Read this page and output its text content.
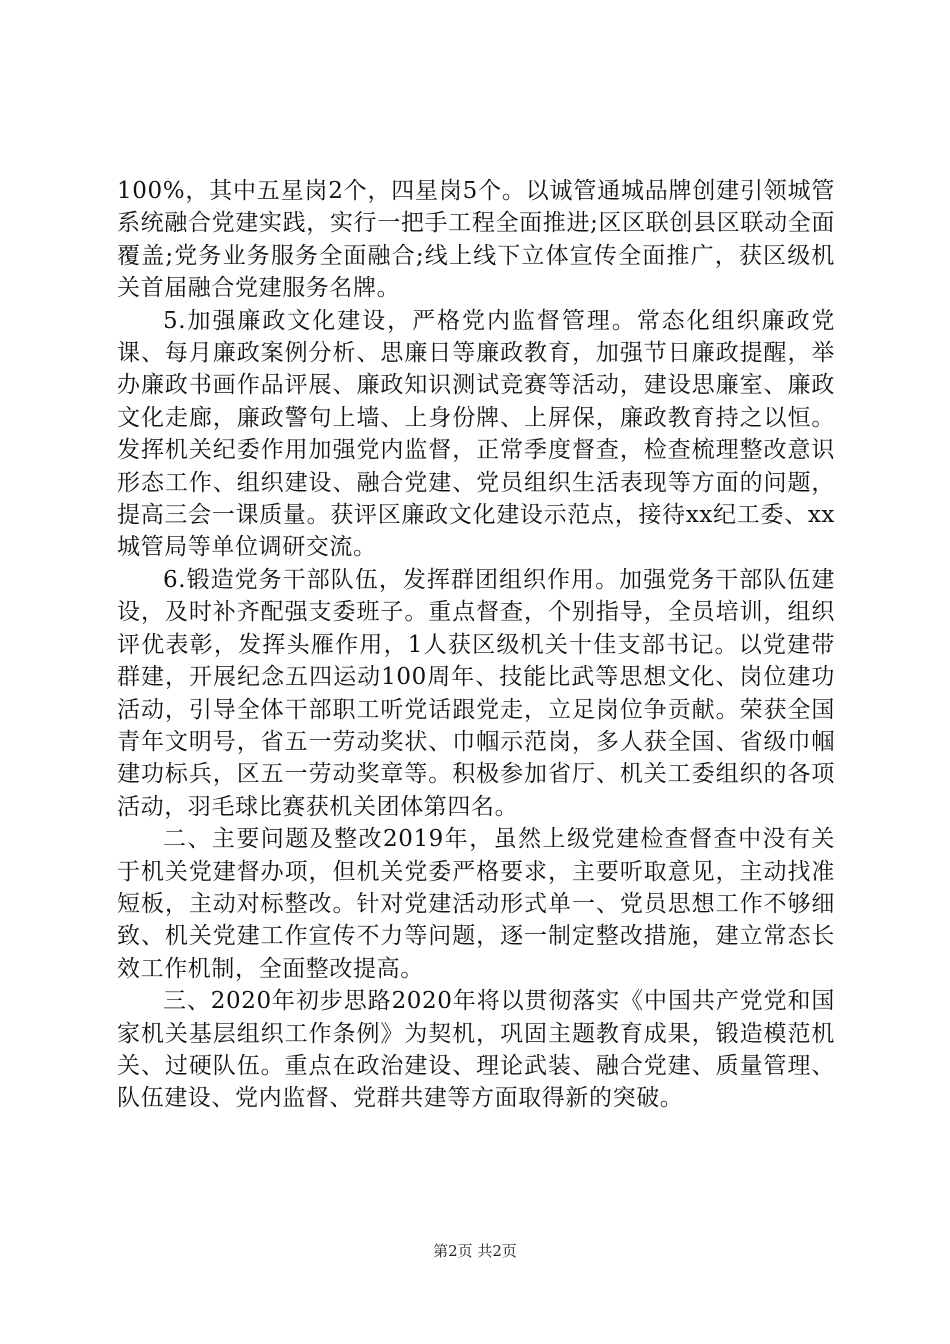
100%，其中五星岗2个，四星岗5个。以诚管通城品牌创建引领城管系统融合党建实践，实行一把手工程全面推进;区区联创县区联动全面覆盖;党务业务服务全面融合;线上线下立体宣传全面推广，获区级机关首届融合党建服务名牌。

5.加强廉政文化建设，严格党内监督管理。常态化组织廉政党课、每月廉政案例分析、思廉日等廉政教育，加强节日廉政提醒，举办廉政书画作品评展、廉政知识测试竞赛等活动，建设思廉室、廉政文化走廊，廉政警句上墙、上身份牌、上屏保，廉政教育持之以恒。发挥机关纪委作用加强党内监督，正常季度督查，检查梳理整改意识形态工作、组织建设、融合党建、党员组织生活表现等方面的问题，提高三会一课质量。获评区廉政文化建设示范点，接待xx纪工委、xx城管局等单位调研交流。

6.锻造党务干部队伍，发挥群团组织作用。加强党务干部队伍建设，及时补齐配强支委班子。重点督查，个别指导，全员培训，组织评优表彰，发挥头雁作用，1人获区级机关十佳支部书记。以党建带群建，开展纪念五四运动100周年、技能比武等思想文化、岗位建功活动，引导全体干部职工听党话跟党走，立足岗位争贡献。荣获全国青年文明号，省五一劳动奖状、巾帼示范岗，多人获全国、省级巾帼建功标兵，区五一劳动奖章等。积极参加省厅、机关工委组织的各项活动，羽毛球比赛获机关团体第四名。

二、主要问题及整改2019年，虽然上级党建检查督查中没有关于机关党建督办项，但机关党委严格要求，主要听取意见，主动找准短板，主动对标整改。针对党建活动形式单一、党员思想工作不够细致、机关党建工作宣传不力等问题，逐一制定整改措施，建立常态长效工作机制，全面整改提高。

三、2020年初步思路2020年将以贯彻落实《中国共产党党和国家机关基层组织工作条例》为契机，巩固主题教育成果，锻造模范机关、过硬队伍。重点在政治建设、理论武装、融合党建、质量管理、队伍建设、党内监督、党群共建等方面取得新的突破。

第2页 共2页
